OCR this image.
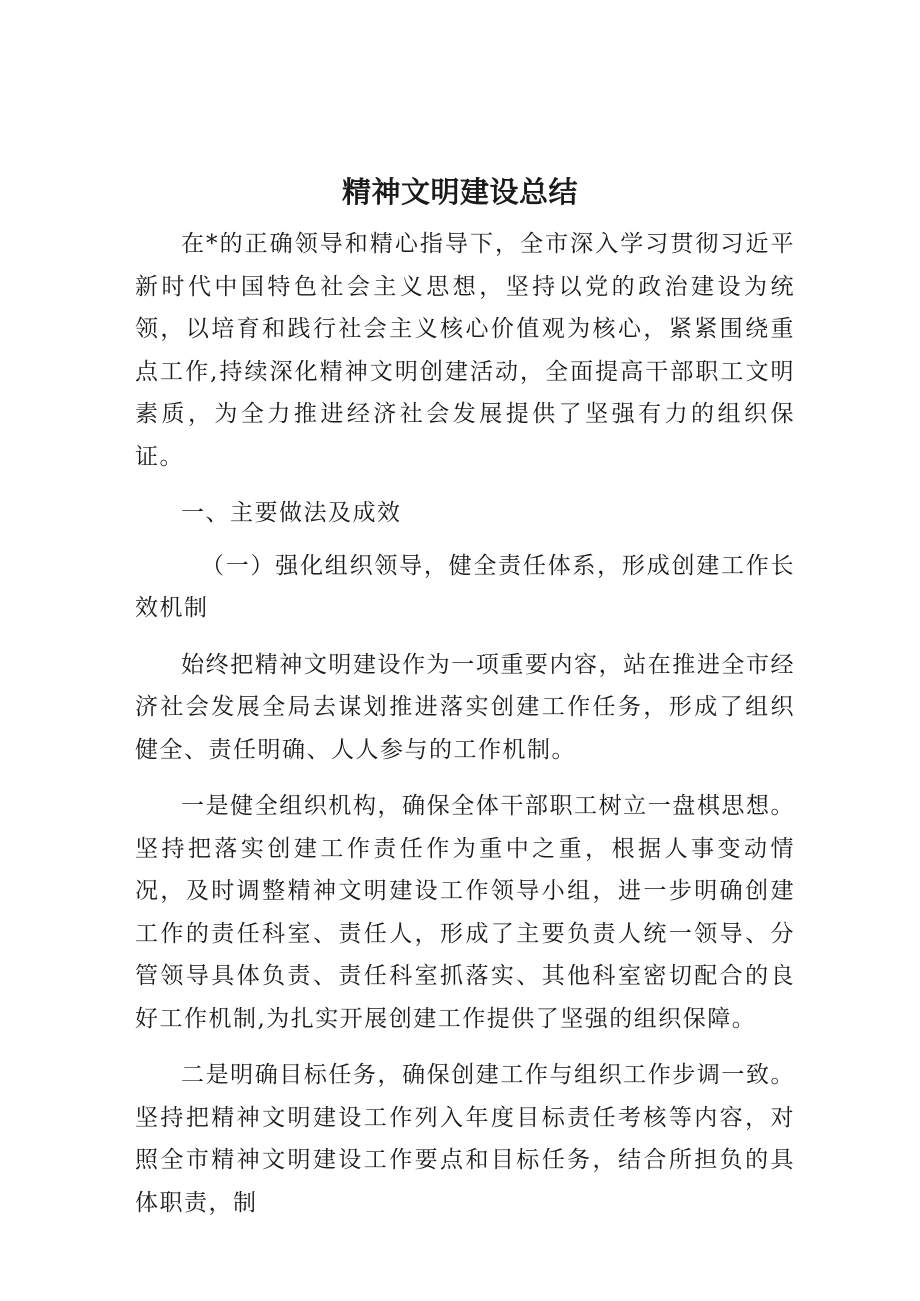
精神文明建设总结

在*的正确领导和精心指导下，全市深入学习贯彻习近平新时代中国特色社会主义思想，坚持以党的政治建设为统领，以培育和践行社会主义核心价值观为核心，紧紧围绕重点工作,持续深化精神文明创建活动，全面提高干部职工文明素质，为全力推进经济社会发展提供了坚强有力的组织保证。

一、主要做法及成效

（一）强化组织领导，健全责任体系，形成创建工作长效机制

始终把精神文明建设作为一项重要内容，站在推进全市经济社会发展全局去谋划推进落实创建工作任务，形成了组织健全、责任明确、人人参与的工作机制。

一是健全组织机构，确保全体干部职工树立一盘棋思想。坚持把落实创建工作责任作为重中之重，根据人事变动情况，及时调整精神文明建设工作领导小组，进一步明确创建工作的责任科室、责任人，形成了主要负责人统一领导、分管领导具体负责、责任科室抓落实、其他科室密切配合的良好工作机制,为扎实开展创建工作提供了坚强的组织保障。

二是明确目标任务，确保创建工作与组织工作步调一致。坚持把精神文明建设工作列入年度目标责任考核等内容，对照全市精神文明建设工作要点和目标任务，结合所担负的具体职责，制
